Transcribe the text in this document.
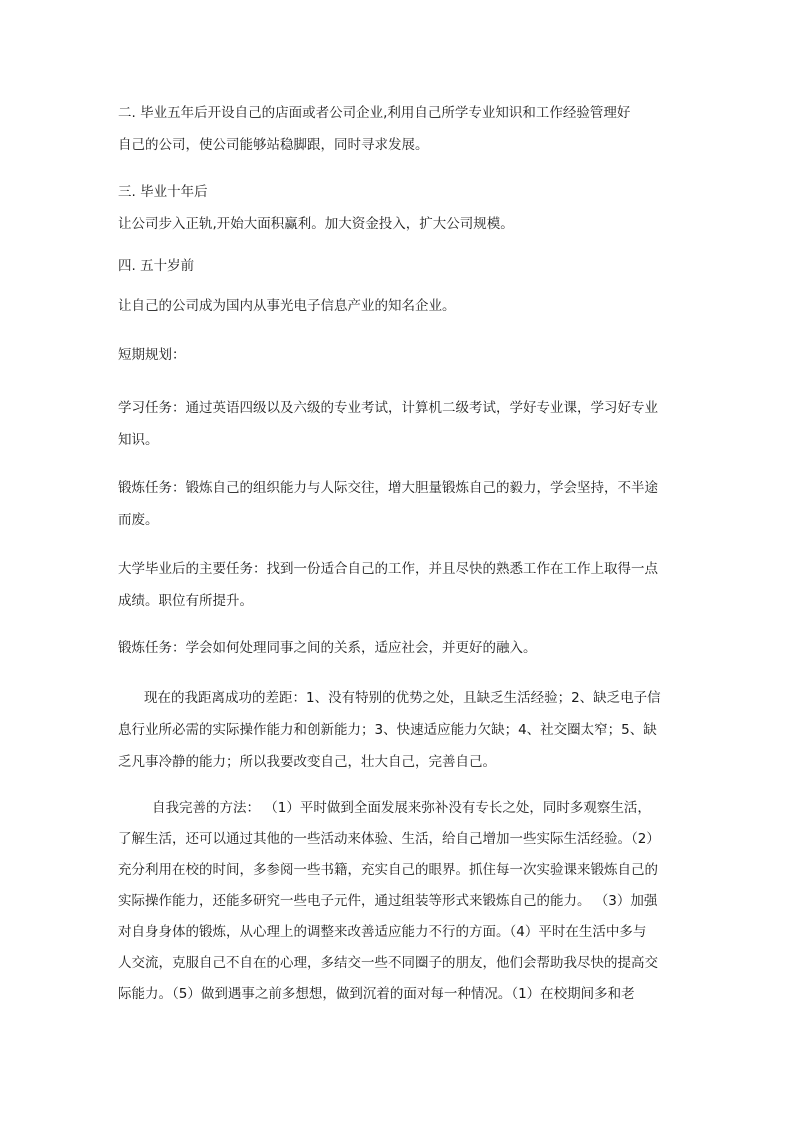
二. 毕业五年后开设自己的店面或者公司企业,利用自己所学专业知识和工作经验管理好
自己的公司，使公司能够站稳脚跟，同时寻求发展。
三. 毕业十年后
让公司步入正轨,开始大面积赢利。加大资金投入，扩大公司规模。
四. 五十岁前
让自己的公司成为国内从事光电子信息产业的知名企业。
短期规划：
学习任务：通过英语四级以及六级的专业考试，计算机二级考试，学好专业课，学习好专业
知识。
锻炼任务：锻炼自己的组织能力与人际交往，增大胆量锻炼自己的毅力，学会坚持，不半途
而废。
大学毕业后的主要任务：找到一份适合自己的工作，并且尽快的熟悉工作在工作上取得一点
成绩。职位有所提升。
锻炼任务：学会如何处理同事之间的关系，适应社会，并更好的融入。
现在的我距离成功的差距：1、没有特别的优势之处，且缺乏生活经验；2、缺乏电子信
息行业所必需的实际操作能力和创新能力；3、快速适应能力欠缺；4、社交圈太窄；5、缺
乏凡事冷静的能力；所以我要改变自己，壮大自己，完善自己。
自我完善的方法： （1）平时做到全面发展来弥补没有专长之处，同时多观察生活，
了解生活，还可以通过其他的一些活动来体验、生活，给自己增加一些实际生活经验。（2）
充分利用在校的时间，多参阅一些书籍，充实自己的眼界。抓住每一次实验课来锻炼自己的
实际操作能力，还能多研究一些电子元件，通过组装等形式来锻炼自己的能力。 （3）加强
对自身身体的锻炼，从心理上的调整来改善适应能力不行的方面。（4）平时在生活中多与
人交流，克服自己不自在的心理，多结交一些不同圈子的朋友，他们会帮助我尽快的提高交
际能力。（5）做到遇事之前多想想，做到沉着的面对每一种情况。（1）在校期间多和老
